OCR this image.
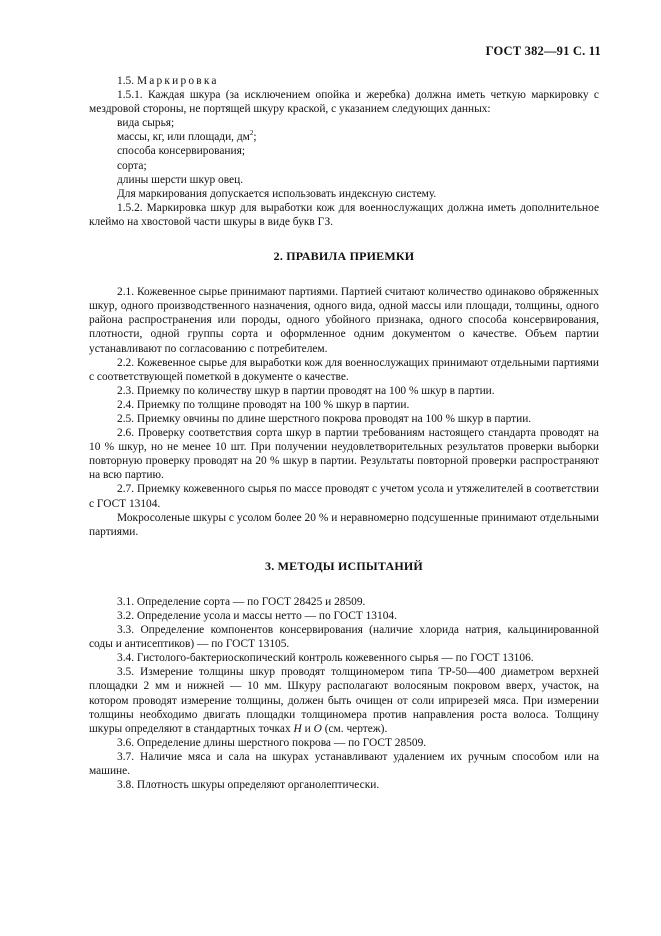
ГОСТ 382—91 С. 11

1.5. Маркировка

1.5.1. Каждая шкура (за исключением опойка и жеребка) должна иметь четкую маркировку с мездровой стороны, не портящей шкуру краской, с указанием следующих данных:

вида сырья;
массы, кг, или площади, $дм^2$;
способа консервирования;
сорта;
длины шерсти шкур овец.

Для маркирования допускается использовать индексную систему.

1.5.2. Маркировка шкур для выработки кож для военнослужащих должна иметь дополнительное клеймо на хвостовой части шкуры в виде букв ГЗ.

2. ПРАВИЛА ПРИЕМКИ

2.1. Кожевенное сырье принимают партиями. Партией считают количество одинаково обряженных шкур, одного производственного назначения, одного вида, одной массы или площади, толщины, одного района распространения или породы, одного убойного признака, одного способа консервирования, плотности, одной группы сорта и оформленное одним документом о качестве. Объем партии устанавливают по согласованию с потребителем.

2.2. Кожевенное сырье для выработки кож для военнослужащих принимают отдельными партиями с соответствующей пометкой в документе о качестве.

2.3. Приемку по количеству шкур в партии проводят на 100 % шкур в партии.

2.4. Приемку по толщине проводят на 100 % шкур в партии.

2.5. Приемку овчины по длине шерстного покрова проводят на 100 % шкур в партии.

2.6. Проверку соответствия сорта шкур в партии требованиям настоящего стандарта проводят на 10 % шкур, но не менее 10 шт. При получении неудовлетворительных результатов проверки выборки повторную проверку проводят на 20 % шкур в партии. Результаты повторной проверки распространяют на всю партию.

2.7. Приемку кожевенного сырья по массе проводят с учетом усола и утяжелителей в соответствии с ГОСТ 13104.

Мокросоленые шкуры с усолом более 20 % и неравномерно подсушенные принимают отдельными партиями.

3. МЕТОДЫ ИСПЫТАНИЙ

3.1. Определение сорта — по ГОСТ 28425 и 28509.

3.2. Определение усола и массы нетто — по ГОСТ 13104.

3.3. Определение компонентов консервирования (наличие хлорида натрия, кальцинированной соды и антисептиков) — по ГОСТ 13105.

3.4. Гистолого-бактериоскопический контроль кожевенного сырья — по ГОСТ 13106.

3.5. Измерение толщины шкур проводят толщиномером типа ТР-50—400 диаметром верхней площадки 2 мм и нижней — 10 мм. Шкуру располагают волосяным покровом вверх, участок, на котором проводят измерение толщины, должен быть очищен от соли иприрезей мяса. При измерении толщины необходимо двигать площадки толщиномера против направления роста волоса. Толщину шкуры определяют в стандартных точках Н и О (см. чертеж).

3.6. Определение длины шерстного покрова — по ГОСТ 28509.

3.7. Наличие мяса и сала на шкурах устанавливают удалением их ручным способом или на машине.

3.8. Плотность шкуры определяют органолептически.
